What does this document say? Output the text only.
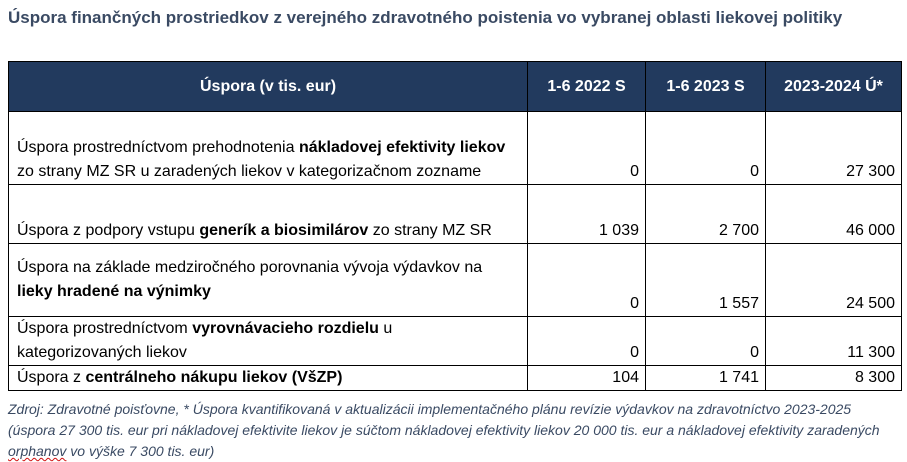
Úspora finančných prostriedkov z verejného zdravotného poistenia vo vybranej oblasti liekovej politiky
Úspora (v tis. eur)	1-6 2022 S	1-6 2023 S	2023-2024 Ú*
Úspora prostredníctvom prehodnotenia nákladovej efektivity liekov zo strany MZ SR u zaradených liekov v kategorizačnom zozname	0	0	27 300
Úspora z podpory vstupu generík a biosimilárov zo strany MZ SR	1 039	2 700	46 000
Úspora na základe medziročného porovnania vývoja výdavkov na lieky hradené na výnimky	0	1 557	24 500
Úspora prostredníctvom vyrovnávacieho rozdielu u kategorizovaných liekov	0	0	11 300
Úspora z centrálneho nákupu liekov (VšZP)	104	1 741	8 300
Zdroj: Zdravotné poisťovne, * Úspora kvantifikovaná v aktualizácii implementačného plánu revízie výdavkov na zdravotníctvo 2023-2025 (úspora 27 300 tis. eur pri nákladovej efektivite liekov je súčtom nákladovej efektivity liekov 20 000 tis. eur a nákladovej efektivity zaradených orphanov vo výške 7 300 tis. eur)
